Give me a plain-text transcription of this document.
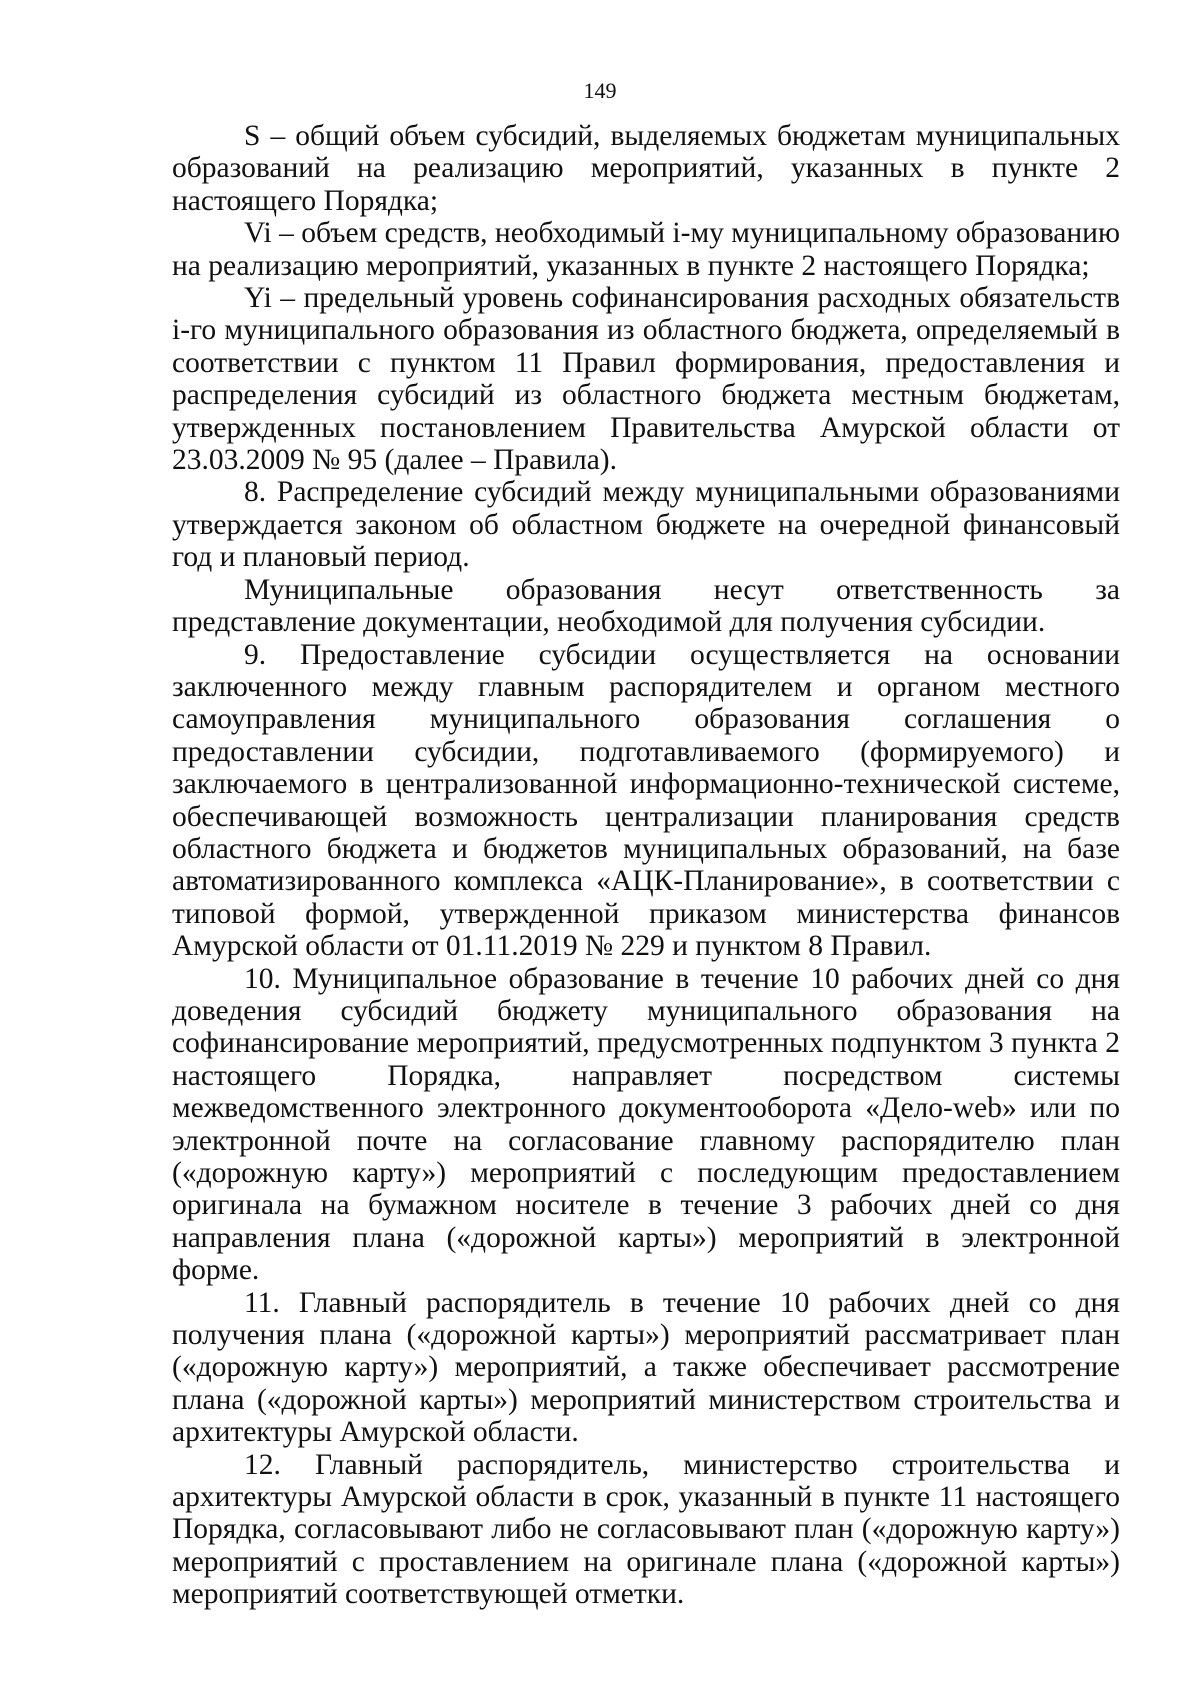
149

S – общий объем субсидий, выделяемых бюджетам муниципальных образований на реализацию мероприятий, указанных в пункте 2 настоящего Порядка;

Vi – объем средств, необходимый i-му муниципальному образованию на реализацию мероприятий, указанных в пункте 2 настоящего Порядка;

Yi – предельный уровень софинансирования расходных обязательств i-го муниципального образования из областного бюджета, определяемый в соответствии с пунктом 11 Правил формирования, предоставления и распределения субсидий из областного бюджета местным бюджетам, утвержденных постановлением Правительства Амурской области от 23.03.2009 № 95 (далее – Правила).

8. Распределение субсидий между муниципальными образованиями утверждается законом об областном бюджете на очередной финансовый год и плановый период.

Муниципальные образования несут ответственность за представление документации, необходимой для получения субсидии.

9. Предоставление субсидии осуществляется на основании заключенного между главным распорядителем и органом местного самоуправления муниципального образования соглашения о предоставлении субсидии, подготавливаемого (формируемого) и заключаемого в централизованной информационно-технической системе, обеспечивающей возможность централизации планирования средств областного бюджета и бюджетов муниципальных образований, на базе автоматизированного комплекса «АЦК-Планирование», в соответствии с типовой формой, утвержденной приказом министерства финансов Амурской области от 01.11.2019 № 229 и пунктом 8 Правил.

10. Муниципальное образование в течение 10 рабочих дней со дня доведения субсидий бюджету муниципального образования на софинансирование мероприятий, предусмотренных подпунктом 3 пункта 2 настоящего Порядка, направляет посредством системы межведомственного электронного документооборота «Дело-web» или по электронной почте на согласование главному распорядителю план («дорожную карту») мероприятий с последующим предоставлением оригинала на бумажном носителе в течение 3 рабочих дней со дня направления плана («дорожной карты») мероприятий в электронной форме.

11. Главный распорядитель в течение 10 рабочих дней со дня получения плана («дорожной карты») мероприятий рассматривает план («дорожную карту») мероприятий, а также обеспечивает рассмотрение плана («дорожной карты») мероприятий министерством строительства и архитектуры Амурской области.

12. Главный распорядитель, министерство строительства и архитектуры Амурской области в срок, указанный в пункте 11 настоящего Порядка, согласовывают либо не согласовывают план («дорожную карту») мероприятий с проставлением на оригинале плана («дорожной карты») мероприятий соответствующей отметки.
